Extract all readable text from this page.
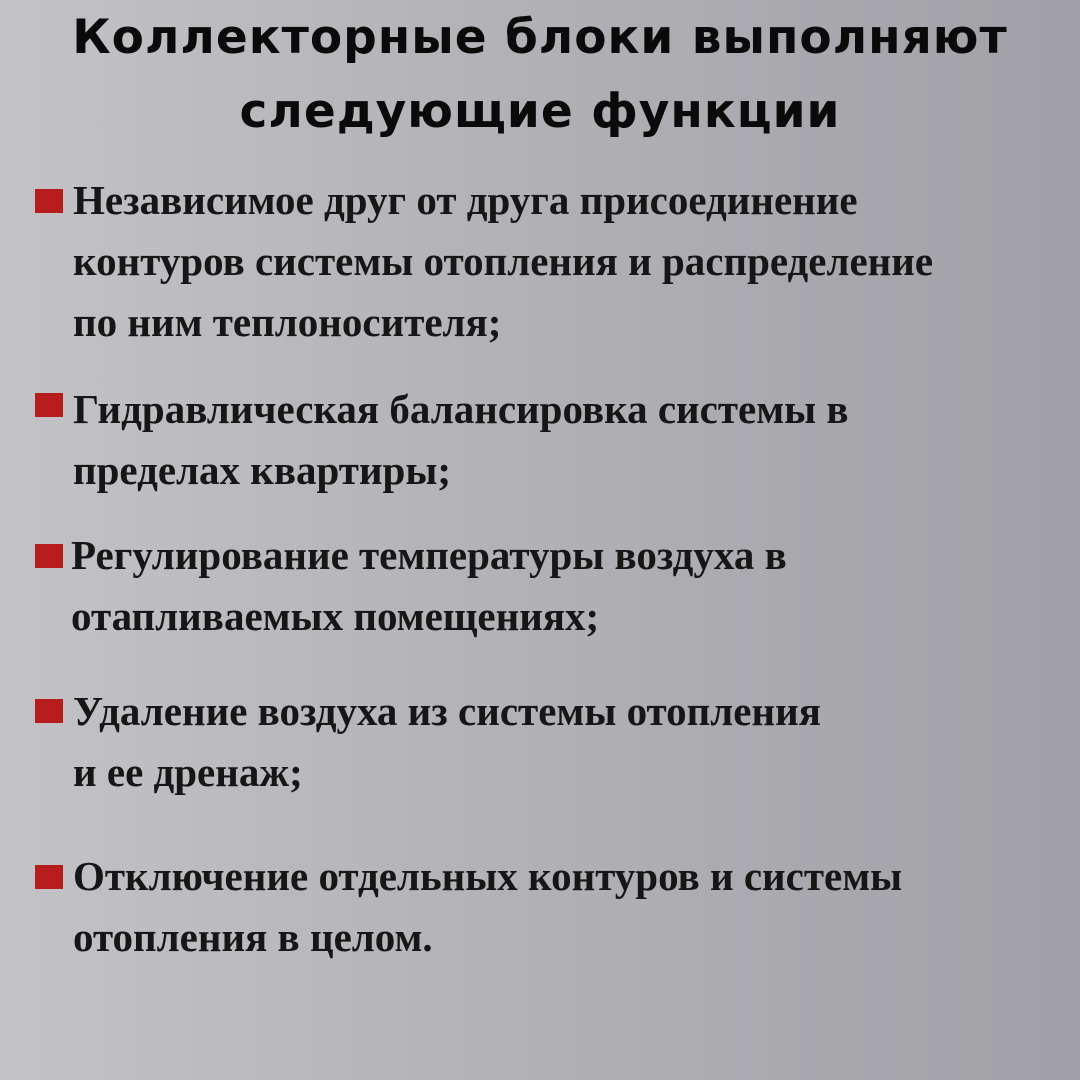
Коллекторные блоки выполняют
следующие функции
Независимое друг от друга присоединение
контуров системы отопления и распределение
по ним теплоносителя;
Гидравлическая балансировка системы в
пределах квартиры;
Регулирование температуры воздуха в
отапливаемых помещениях;
Удаление воздуха из системы отопления
и ее дренаж;
Отключение отдельных контуров и системы
отопления в целом.
